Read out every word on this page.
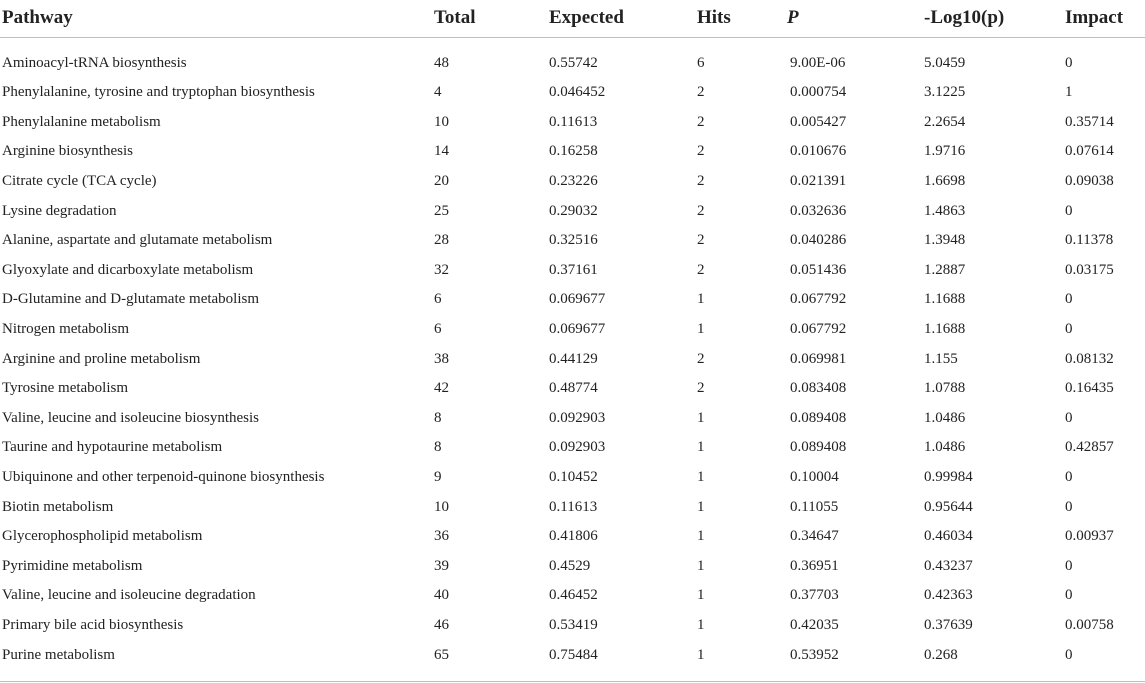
Pathway	Total	Expected	Hits	P	-Log10(p)	Impact
Aminoacyl-tRNA biosynthesis	48	0.55742	6	9.00E-06	5.0459	0
Phenylalanine, tyrosine and tryptophan biosynthesis	4	0.046452	2	0.000754	3.1225	1
Phenylalanine metabolism	10	0.11613	2	0.005427	2.2654	0.35714
Arginine biosynthesis	14	0.16258	2	0.010676	1.9716	0.07614
Citrate cycle (TCA cycle)	20	0.23226	2	0.021391	1.6698	0.09038
Lysine degradation	25	0.29032	2	0.032636	1.4863	0
Alanine, aspartate and glutamate metabolism	28	0.32516	2	0.040286	1.3948	0.11378
Glyoxylate and dicarboxylate metabolism	32	0.37161	2	0.051436	1.2887	0.03175
D-Glutamine and D-glutamate metabolism	6	0.069677	1	0.067792	1.1688	0
Nitrogen metabolism	6	0.069677	1	0.067792	1.1688	0
Arginine and proline metabolism	38	0.44129	2	0.069981	1.155	0.08132
Tyrosine metabolism	42	0.48774	2	0.083408	1.0788	0.16435
Valine, leucine and isoleucine biosynthesis	8	0.092903	1	0.089408	1.0486	0
Taurine and hypotaurine metabolism	8	0.092903	1	0.089408	1.0486	0.42857
Ubiquinone and other terpenoid-quinone biosynthesis	9	0.10452	1	0.10004	0.99984	0
Biotin metabolism	10	0.11613	1	0.11055	0.95644	0
Glycerophospholipid metabolism	36	0.41806	1	0.34647	0.46034	0.00937
Pyrimidine metabolism	39	0.4529	1	0.36951	0.43237	0
Valine, leucine and isoleucine degradation	40	0.46452	1	0.37703	0.42363	0
Primary bile acid biosynthesis	46	0.53419	1	0.42035	0.37639	0.00758
Purine metabolism	65	0.75484	1	0.53952	0.268	0
